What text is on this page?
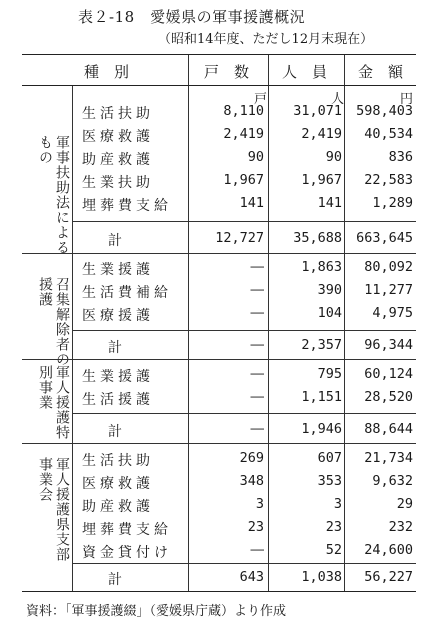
表２-18　愛媛県の軍事援護概況
（昭和14年度、ただし12月末現在）
種　別	戸　数 人　員 金　額
戸	人	円
軍事扶助法によるもの
生活扶助	8,110	31,071	598,403
医療救護	2,419	2,419	40,534
助産救護	90	90	836
生業扶助	1,967	1,967	22,583
埋葬費支給	141	141	1,289
計	12,727	35,688	663,645
召集解除者の援護
生業援護	―	1,863	80,092
生活費補給	―	390	11,277
医療援護	―	104	4,975
計	―	2,357	96,344
軍人援護特別事業	生業援護	―	795	60,124
生活援護	―	1,151	28,520
計	―	1,946	88,644
軍人援護県支部事業会	生活扶助	269	607	21,734
医療救護	348	353	9,632
助産救護	3	3	29
埋葬費支給	23	23	232
資金貸付け	―	52	24,600
計	643	1,038	56,227
資料：「軍事援護綴」（愛媛県庁蔵）より作成
